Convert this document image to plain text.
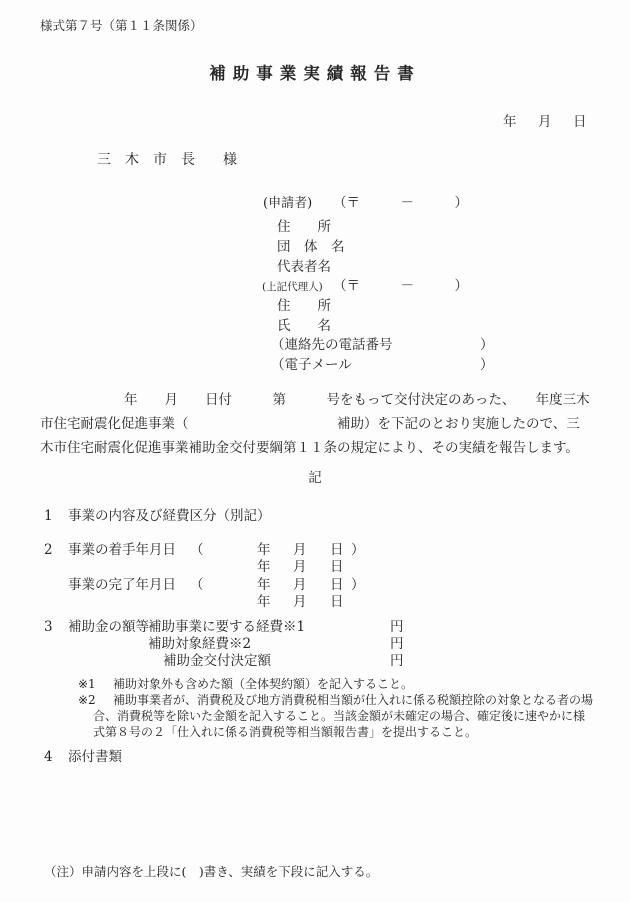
様式第７号（第１１条関係）
補助事業実績報告書
年 月 日
三　木　市　長　　様
(申請者) （〒　　　－　　　）
住　　所
団　体　名
代表者名
(上記代理人) （〒　　　－　　　）
住　　所
氏　　名
（連絡先の電話番号	）
（電子メール	）
年　　月　　日付　　　第　　　号をもって交付決定のあった、　　年度三木
市住宅耐震化促進事業（　　　　　　　　　　　補助）を下記のとおり実施したので、三
木市住宅耐震化促進事業補助金交付要綱第１１条の規定により、その実績を報告します。
記
1 事業の内容及び経費区分（別記）
2 事業の着手年月日 （	年 月 日 ）
年 月 日
事業の完了年月日 （	年 月 日 ）
年 月 日
3 補助金の額等 補助事業に要する経費※1	円
補助対象経費※2	円
補助金交付決定額	円
※1 補助対象外も含めた額（全体契約額）を記入すること。
※2 補助事業者が、消費税及び地方消費税相当額が仕入れに係る税額控除の対象となる者の場
合、消費税等を除いた金額を記入すること。当該金額が未確定の場合、確定後に速やかに様
式第８号の２「仕入れに係る消費税等相当額報告書」を提出すること。
4 添付書類
（注）申請内容を上段に(　)書き、実績を下段に記入する。
